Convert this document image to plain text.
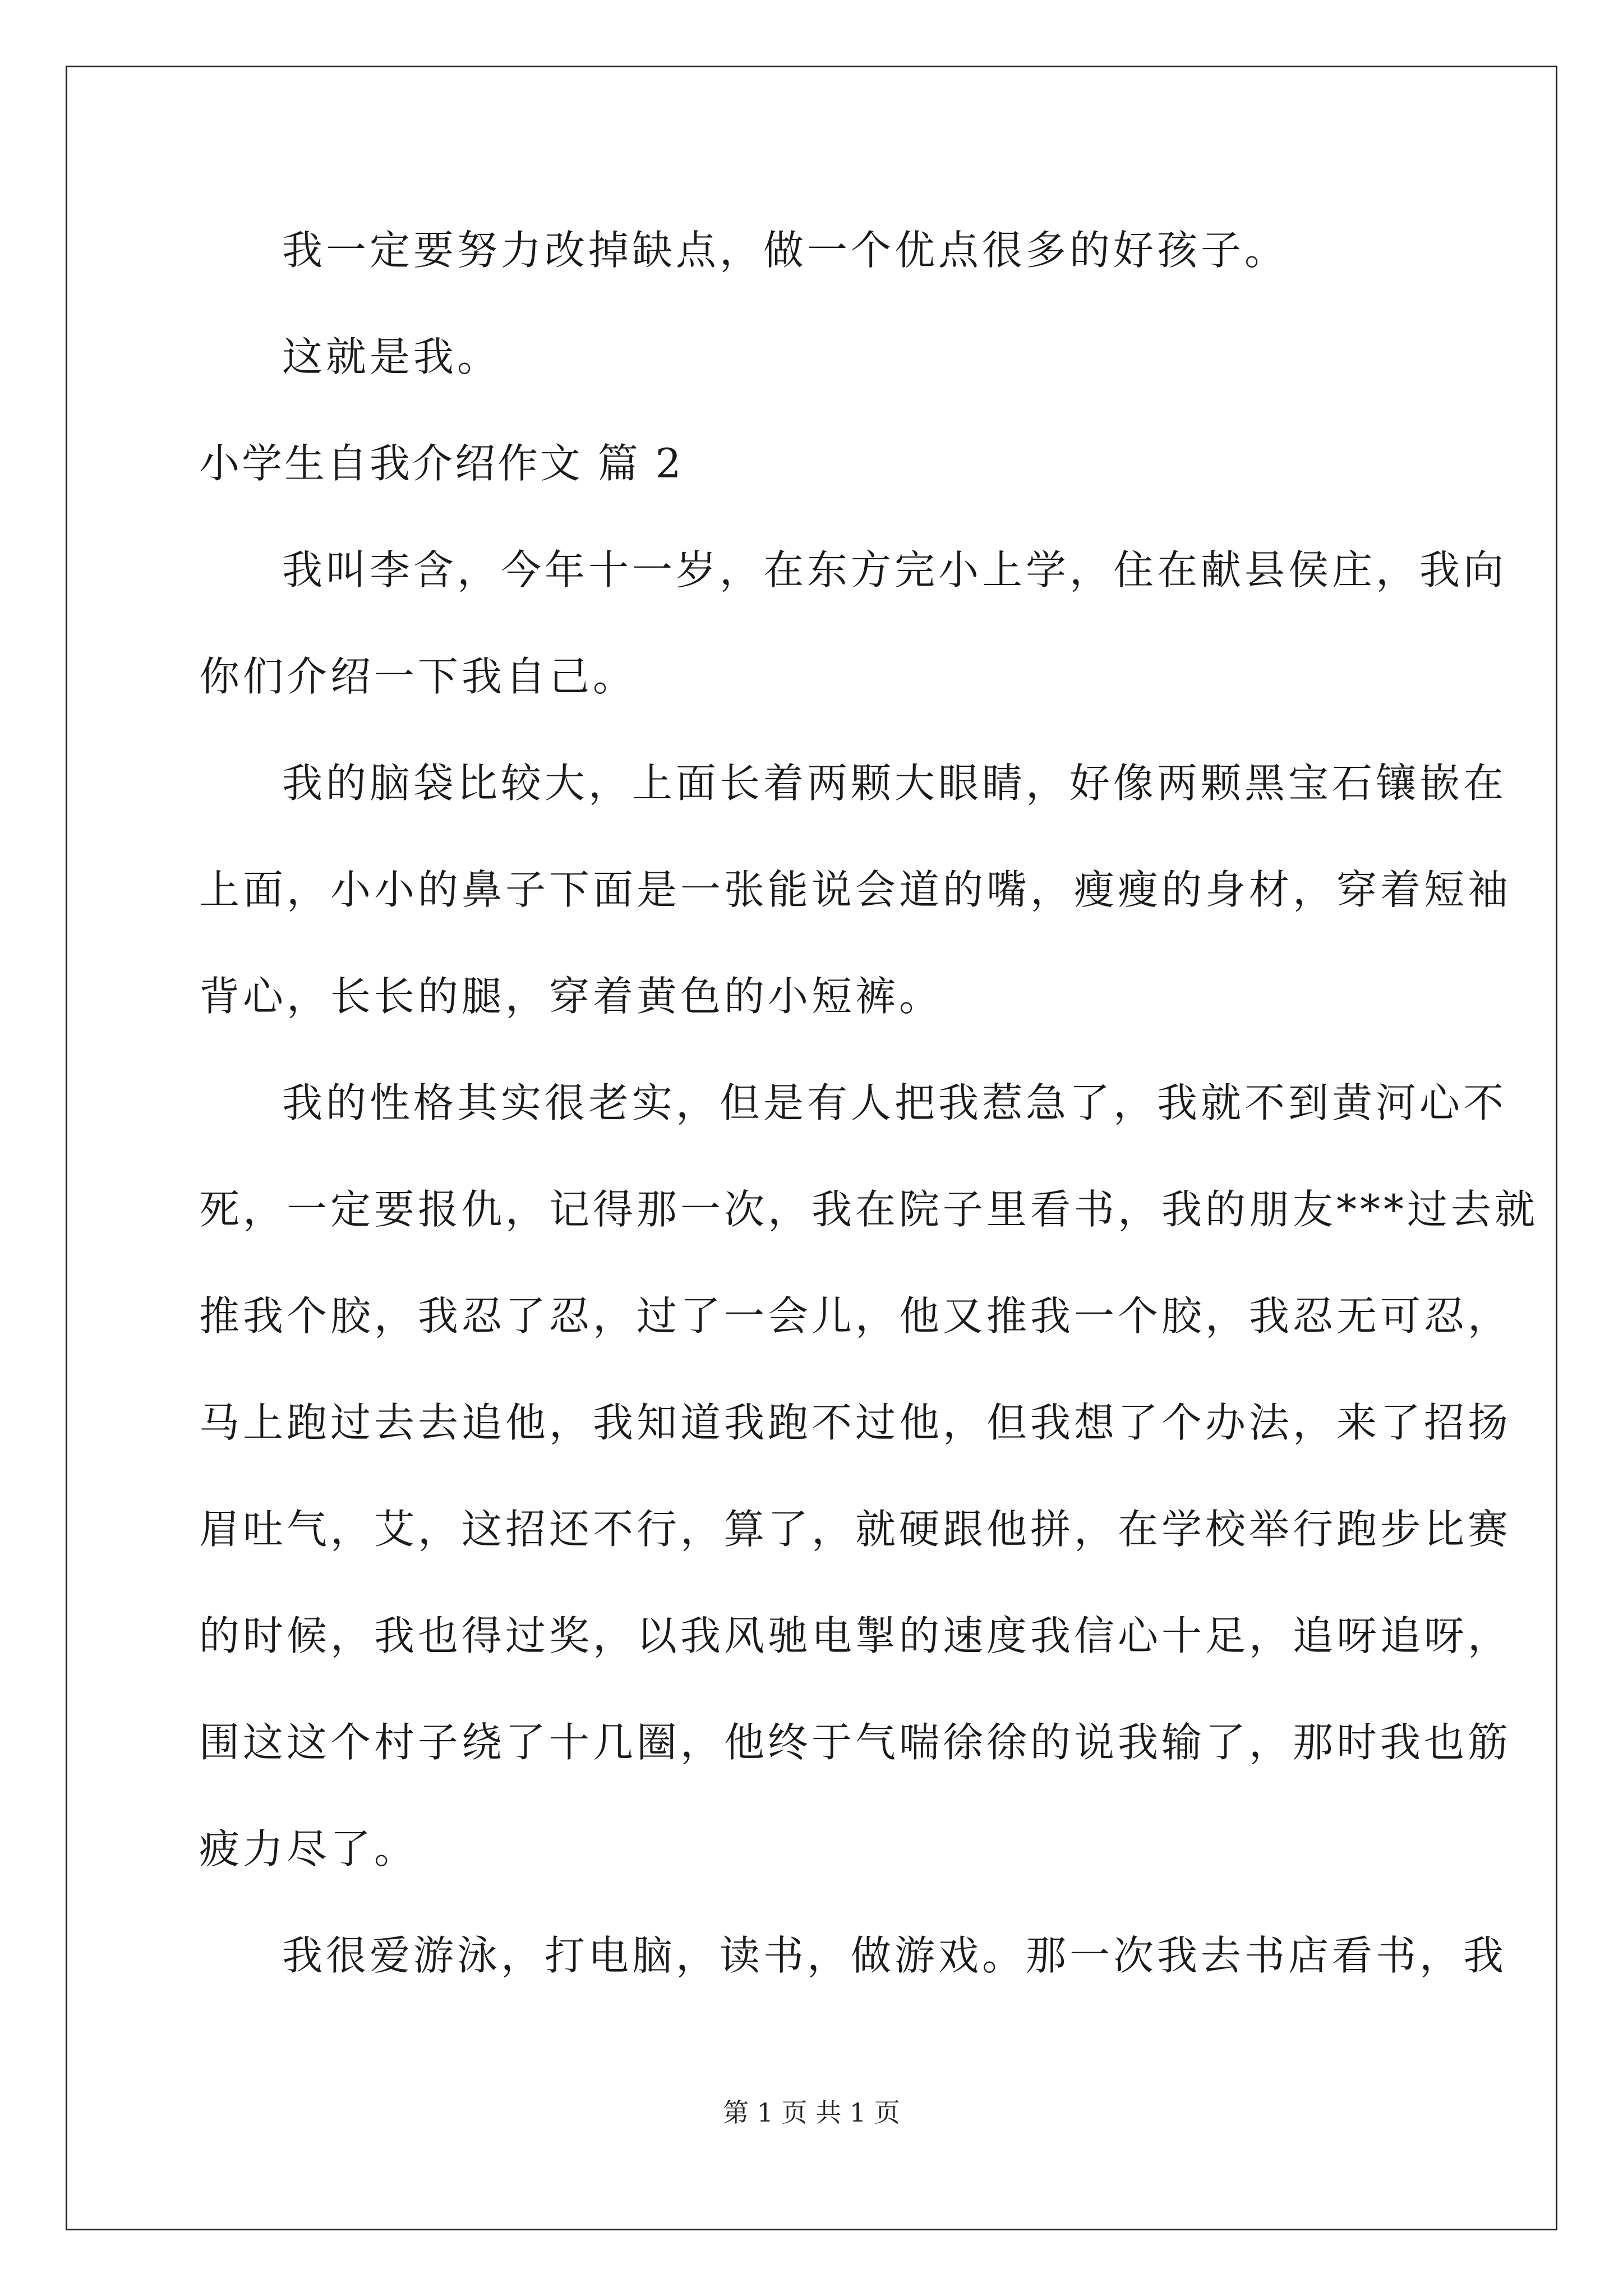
我一定要努力改掉缺点，做一个优点很多的好孩子。
这就是我。
小学生自我介绍作文 篇 2
我叫李含，今年十一岁，在东方完小上学，住在献县侯庄，我向
你们介绍一下我自己。
我的脑袋比较大，上面长着两颗大眼睛，好像两颗黑宝石镶嵌在
上面，小小的鼻子下面是一张能说会道的嘴，瘦瘦的身材，穿着短袖
背心，长长的腿，穿着黄色的小短裤。
我的性格其实很老实，但是有人把我惹急了，我就不到黄河心不
死，一定要报仇，记得那一次，我在院子里看书，我的朋友***过去就
推我个胶，我忍了忍，过了一会儿，他又推我一个胶，我忍无可忍，
马上跑过去去追他，我知道我跑不过他，但我想了个办法，来了招扬
眉吐气，艾，这招还不行，算了，就硬跟他拼，在学校举行跑步比赛
的时候，我也得过奖，以我风驰电掣的速度我信心十足，追呀追呀，
围这这个村子绕了十几圈，他终于气喘徐徐的说我输了，那时我也筋
疲力尽了。
我很爱游泳，打电脑，读书，做游戏。那一次我去书店看书，我
第 1 页 共 1 页
